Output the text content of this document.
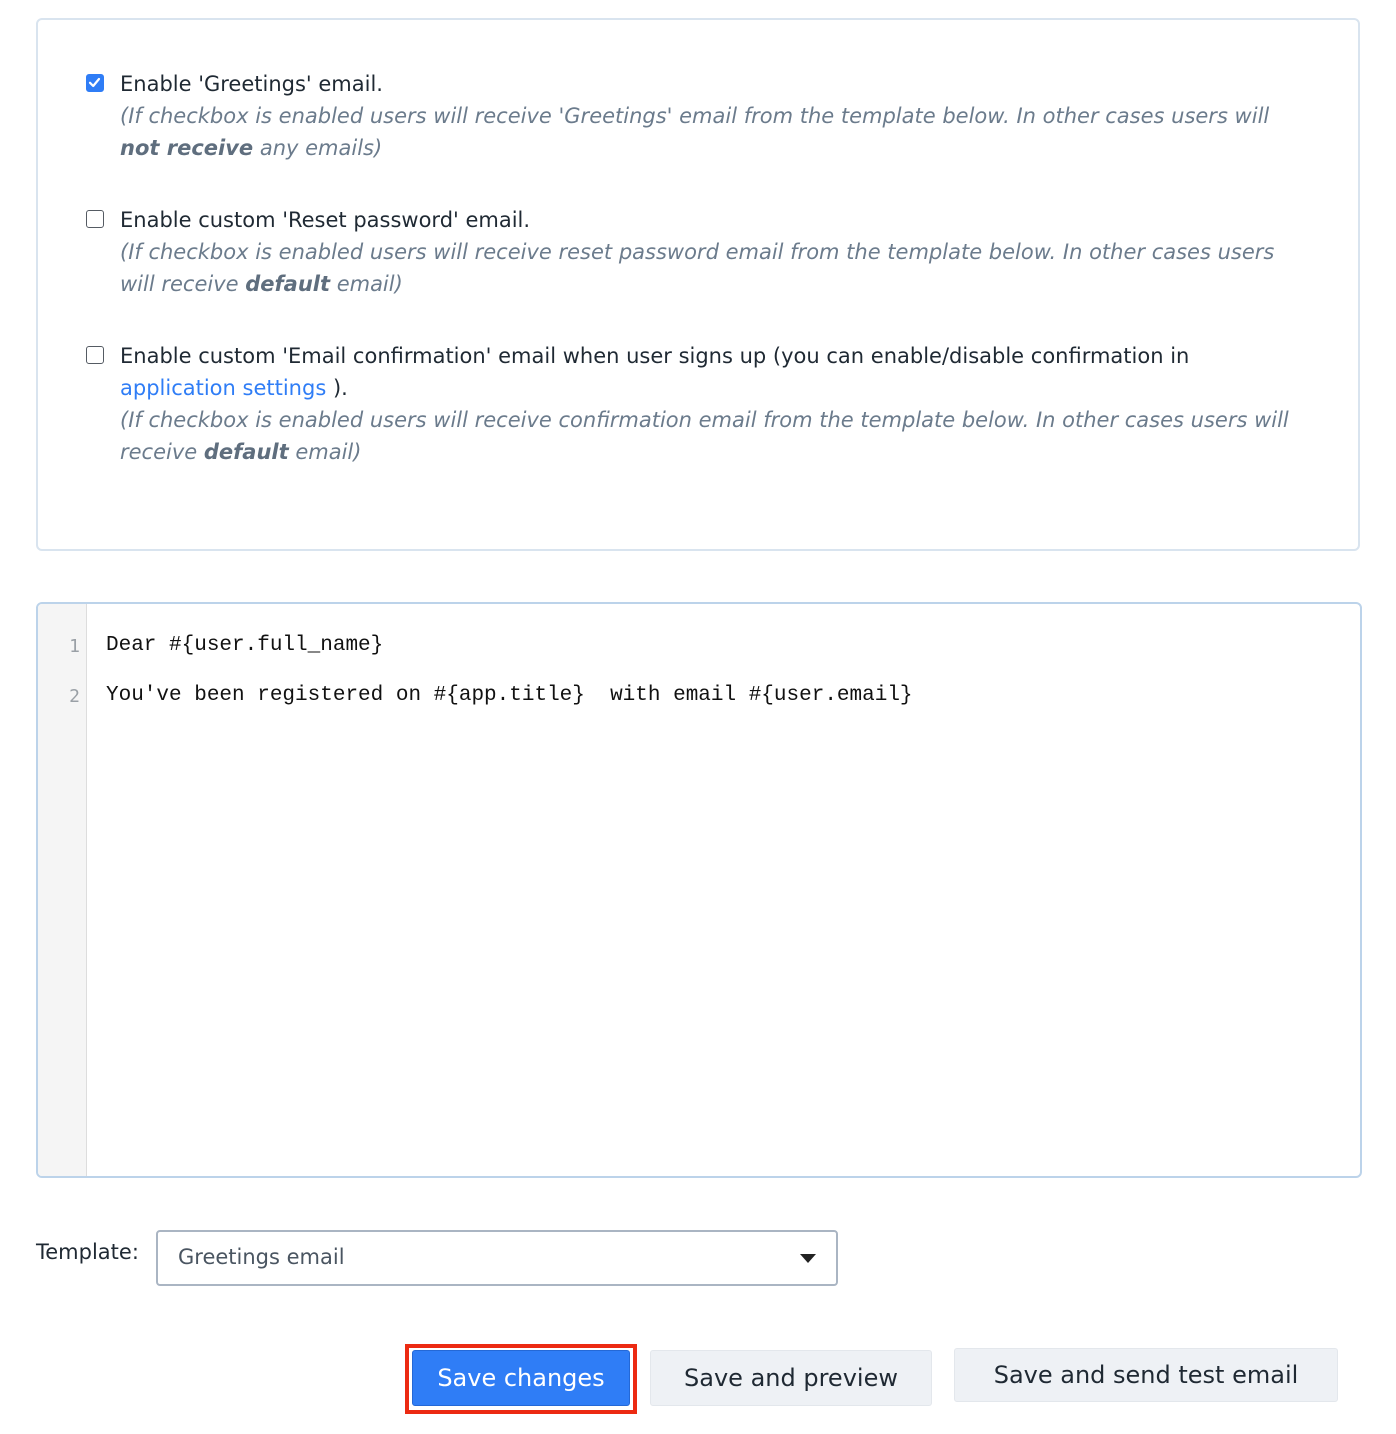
Enable 'Greetings' email.
(If checkbox is enabled users will receive 'Greetings' email from the template below. In other cases users will not receive any emails)
Enable custom 'Reset password' email.
(If checkbox is enabled users will receive reset password email from the template below. In other cases users will receive default email)
Enable custom 'Email confirmation' email when user signs up (you can enable/disable confirmation in application settings ).
(If checkbox is enabled users will receive confirmation email from the template below. In other cases users will receive default email)
1
2
Dear #{user.full_name}
You've been registered on #{app.title}  with email #{user.email}
Template: Greetings email
Save changes	Save and preview	Save and send test email
